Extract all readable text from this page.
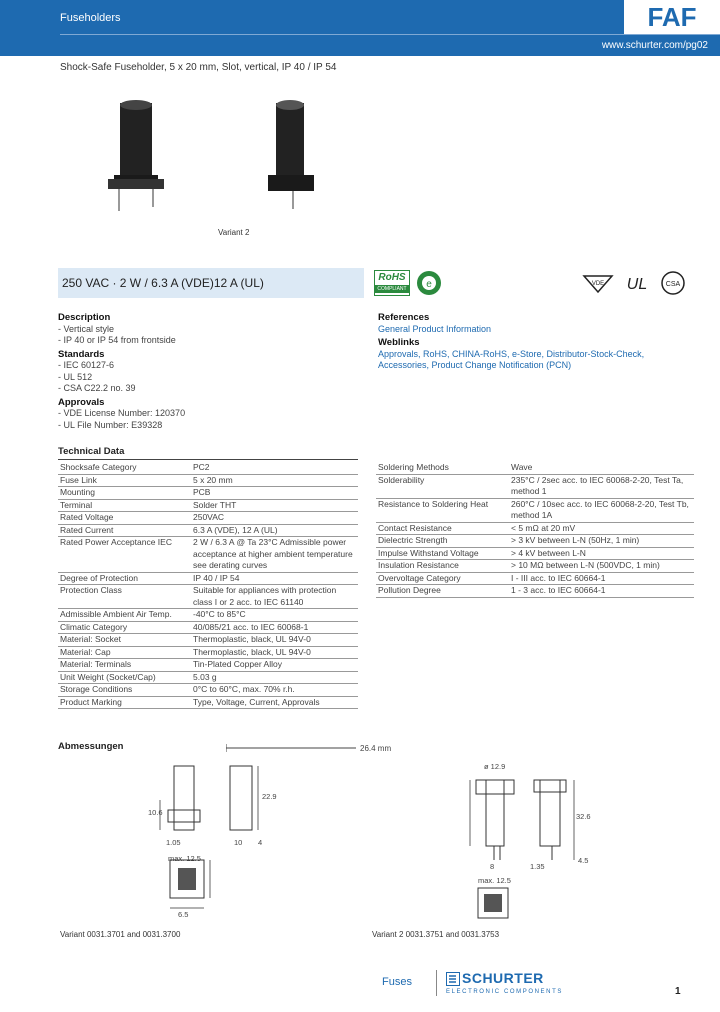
Fuseholders	FAF
www.schurter.com/pg02
Shock-Safe Fuseholder, 5 x 20 mm, Slot, vertical, IP 40 / IP 54
Variant 2
250 VAC · 2 W / 6.3 A (VDE)12 A (UL)	RoHS
COMPLIANT e	VDE UL	CSA
Description
- Vertical style
- IP 40 or IP 54 from frontside
Standards
- IEC 60127-6
- UL 512
- CSA C22.2 no. 39
Approvals
- VDE License Number: 120370
- UL File Number: E39328
References
General Product Information
Weblinks
Approvals, RoHS, CHINA-RoHS, e-Store, Distributor-Stock-Check,
Accessories, Product Change Notification (PCN)
Technical Data
Shocksafe Category	PC2
Fuse Link	5 x 20 mm
Mounting	PCB
Terminal	Solder THT
Rated Voltage	250VAC
Rated Current	6.3 A (VDE), 12 A (UL)
Rated Power Acceptance IEC	2 W / 6.3 A @ Ta 23°C Admissible power acceptance at higher ambient temperature see derating curves
Degree of Protection	IP 40 / IP 54
Protection Class	Suitable for appliances with protection class I or 2 acc. to IEC 61140
Admissible Ambient Air Temp.	-40°C to 85°C
Climatic Category	40/085/21 acc. to IEC 60068-1
Material: Socket	Thermoplastic, black, UL 94V-0
Material: Cap	Thermoplastic, black, UL 94V-0
Material: Terminals	Tin-Plated Copper Alloy
Unit Weight (Socket/Cap)	5.03 g
Storage Conditions	0°C to 60°C, max. 70% r.h.
Product Marking	Type, Voltage, Current, Approvals
Soldering Methods	Wave
Solderability	235°C / 2sec acc. to IEC 60068-2-20, Test Ta, method 1
Resistance to Soldering Heat	260°C / 10sec acc. to IEC 60068-2-20, Test Tb, method 1A
Contact Resistance	< 5 mΩ at 20 mV
Dielectric Strength	> 3 kV between L-N (50Hz, 1 min)
Impulse Withstand Voltage	> 4 kV between L-N
Insulation Resistance	> 10 MΩ between L-N (500VDC, 1 min)
Overvoltage Category	I - III acc. to IEC 60664-1
Pollution Degree	1 - 3 acc. to IEC 60664-1
Abmessungen	26.4 mm
10.6
22.9
1.05	10 4
max. 12.5
6.5
ø 12.9
32.6
1.35
4.5
8
max. 12.5
Variant 0031.3701 and 0031.3700	Variant 2 0031.3751 and 0031.3753
Fuses	SCHURTER
ELECTRONIC COMPONENTS	1
